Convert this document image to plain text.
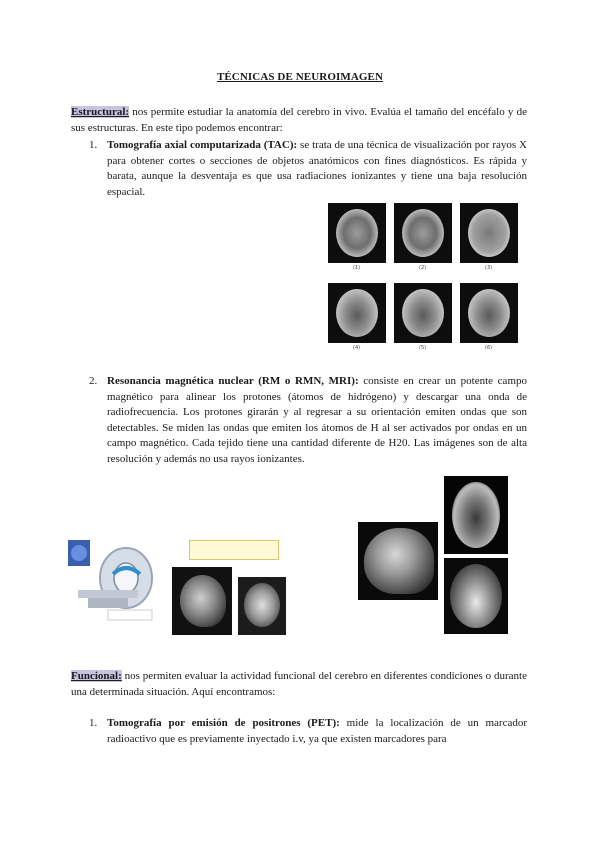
TÉCNICAS DE NEUROIMAGEN
Estructural: nos permite estudiar la anatomía del cerebro in vivo. Evalúa el tamaño del encéfalo y de sus estructuras. En este tipo podemos encontrar:
1. Tomografía axial computarizada (TAC): se trata de una técnica de visualización por rayos X para obtener cortes o secciones de objetos anatómicos con fines diagnósticos. Es rápida y barata, aunque la desventaja es que usa radiaciones ionizantes y tiene una baja resolución espacial.
(1)	(2)	(3)
(4)	(5)	(6)
2. Resonancia magnética nuclear (RM o RMN, MRI): consiste en crear un potente campo magnético para alinear los protones (átomos de hidrógeno) y descargar una onda de radiofrecuencia. Los protones girarán y al regresar a su orientación emiten ondas que son detectables. Se miden las ondas que emiten los átomos de H al ser activados por ondas en un campo magnético. Cada tejido tiene una cantidad diferente de H20. Las imágenes son de alta resolución y además no usa rayos ionizantes.
Funcional: nos permiten evaluar la actividad funcional del cerebro en diferentes condiciones o durante una determinada situación. Aquí encontramos:
1. Tomografía por emisión de positrones (PET): mide la localización de un marcador radioactivo que es previamente inyectado i.v, ya que existen marcadores para
